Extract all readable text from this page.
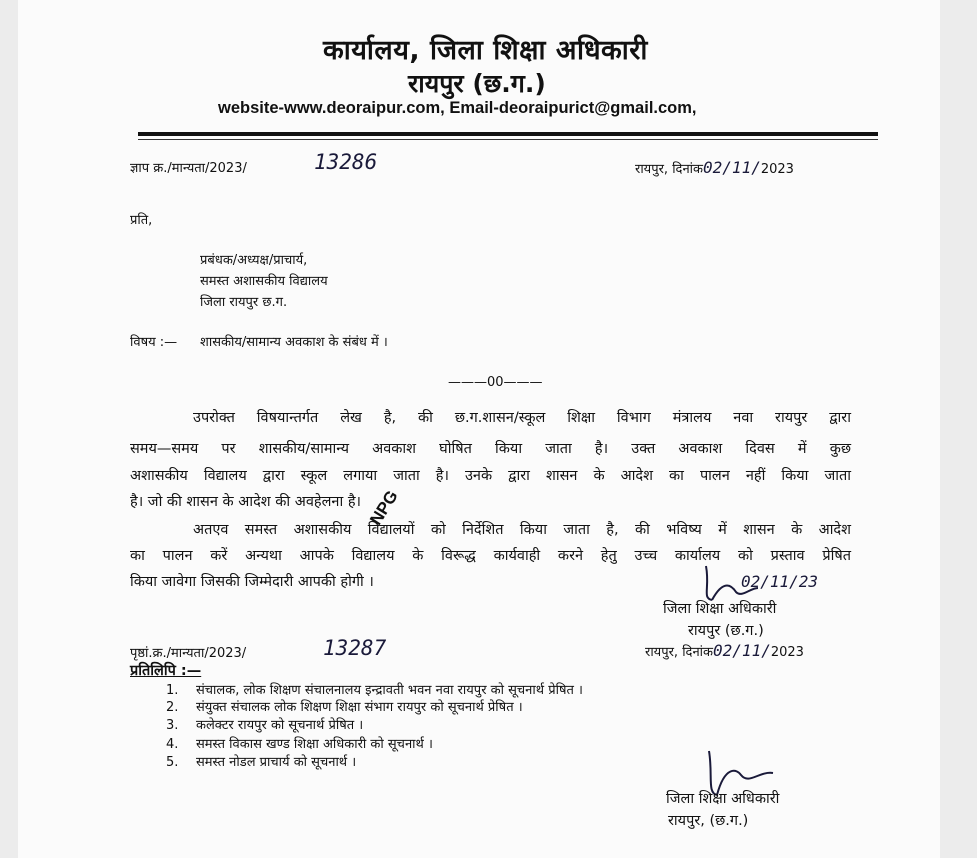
कार्यालय, जिला शिक्षा अधिकारी
रायपुर (छ.ग.)
website-www.deoraipur.com, Email-deoraipurict@gmail.com,
ज्ञाप क्र./मान्यता/2023/	13286	रायपुर, दिनांक02/11/2023
प्रति,
प्रबंधक/अध्यक्ष/प्राचार्य,
समस्त अशासकीय विद्यालय
जिला रायपुर छ.ग.
विषय :— शासकीय/सामान्य अवकाश के संबंध में ।
———00———
उपरोक्त विषयान्तर्गत लेख है, की छ.ग.शासन/स्कूल शिक्षा विभाग मंत्रालय नवा रायपुर द्वारा
समय—समय पर शासकीय/सामान्य अवकाश घोषित किया जाता है। उक्त अवकाश दिवस में कुछ
अशासकीय विद्यालय द्वारा स्कूल लगाया जाता है। उनके द्वारा शासन के आदेश का पालन नहीं किया जाता
है। जो की शासन के आदेश की अवहेलना है।
अतएव समस्त अशासकीय विद्यालयों को निर्देशित किया जाता है, की भविष्य में शासन के आदेश
का पालन करें अन्यथा आपके विद्यालय के विरूद्ध कार्यवाही करने हेतु उच्च कार्यालय को प्रस्ताव प्रेषित
किया जावेगा जिसकी जिम्मेदारी आपकी होगी ।
NPG
02/11/23
जिला शिक्षा अधिकारी
रायपुर (छ.ग.)
पृष्ठां.क्र./मान्यता/2023/	13287	रायपुर, दिनांक02/11/2023
प्रतिलिपि :—
1. संचालक, लोक शिक्षण संचालनालय इन्द्रावती भवन नवा रायपुर को सूचनार्थ प्रेषित ।
2. संयुक्त संचालक लोक शिक्षण शिक्षा संभाग रायपुर को सूचनार्थ प्रेषित ।
3. कलेक्टर रायपुर को सूचनार्थ प्रेषित ।
4. समस्त विकास खण्ड शिक्षा अधिकारी को सूचनार्थ ।
5. समस्त नोडल प्राचार्य को सूचनार्थ ।
जिला शिक्षा अधिकारी
रायपुर, (छ.ग.)
